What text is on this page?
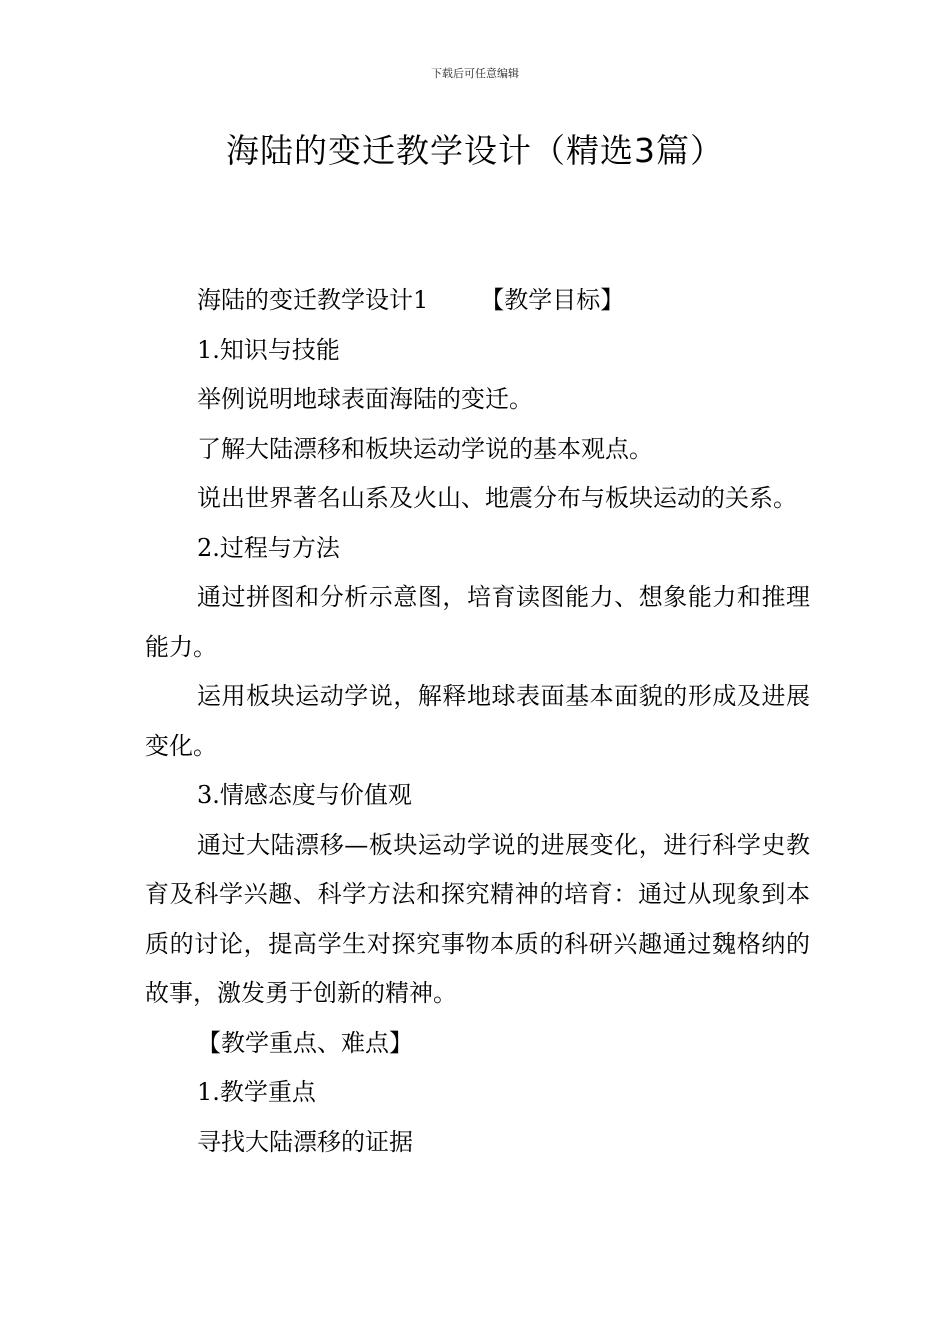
下载后可任意编辑
海陆的变迁教学设计（精选3篇）

海陆的变迁教学设计1 【教学目标】

1.知识与技能

举例说明地球表面海陆的变迁。

了解大陆漂移和板块运动学说的基本观点。

说出世界著名山系及火山、地震分布与板块运动的关系。

2.过程与方法

通过拼图和分析示意图，培育读图能力、想象能力和推理能力。

运用板块运动学说，解释地球表面基本面貌的形成及进展变化。

3.情感态度与价值观

通过大陆漂移—板块运动学说的进展变化，进行科学史教育及科学兴趣、科学方法和探究精神的培育：通过从现象到本质的讨论，提高学生对探究事物本质的科研兴趣通过魏格纳的故事，激发勇于创新的精神。

【教学重点、难点】

1.教学重点

寻找大陆漂移的证据
